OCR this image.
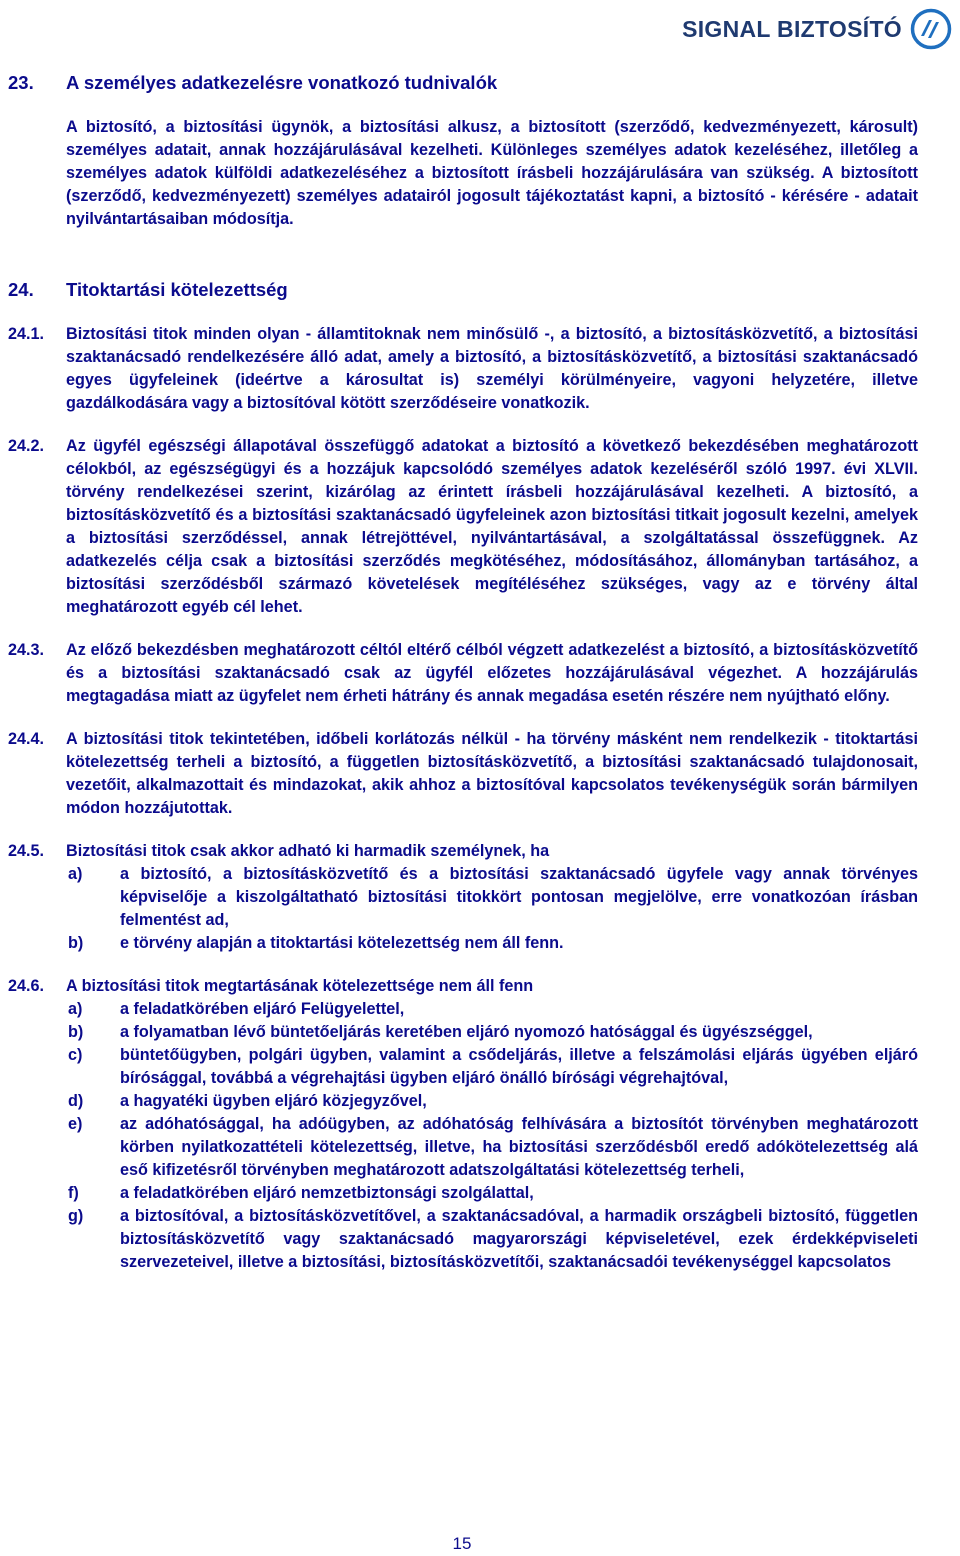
SIGNAL BIZTOSÍTÓ
23.	A személyes adatkezelésre vonatkozó tudnivalók
A biztosító, a biztosítási ügynök, a biztosítási alkusz, a biztosított (szerződő, kedvezményezett, károsult) személyes adatait, annak hozzájárulásával kezelheti. Különleges személyes adatok kezeléséhez, illetőleg a személyes adatok külföldi adatkezeléséhez a biztosított írásbeli hozzájárulására van szükség. A biztosított (szerződő, kedvezményezett) személyes adatairól jogosult tájékoztatást kapni, a biztosító - kérésére - adatait nyilvántartásaiban módosítja.
24.	Titoktartási kötelezettség
24.1.	Biztosítási titok minden olyan - államtitoknak nem minősülő -, a biztosító, a biztosításközvetítő, a biztosítási szaktanácsadó rendelkezésére álló adat, amely a biztosító, a biztosításközvetítő, a biztosítási szaktanácsadó egyes ügyfeleinek (ideértve a károsultat is) személyi körülményeire, vagyoni helyzetére, illetve gazdálkodására vagy a biztosítóval kötött szerződéseire vonatkozik.
24.2.	Az ügyfél egészségi állapotával összefüggő adatokat a biztosító a következő bekezdésében meghatározott célokból, az egészségügyi és a hozzájuk kapcsolódó személyes adatok kezeléséről szóló 1997. évi XLVII. törvény rendelkezései szerint, kizárólag az érintett írásbeli hozzájárulásával kezelheti. A biztosító, a biztosításközvetítő és a biztosítási szaktanácsadó ügyfeleinek azon biztosítási titkait jogosult kezelni, amelyek a biztosítási szerződéssel, annak létrejöttével, nyilvántartásával, a szolgáltatással összefüggnek. Az adatkezelés célja csak a biztosítási szerződés megkötéséhez, módosításához, állományban tartásához, a biztosítási szerződésből származó követelések megítéléséhez szükséges, vagy az e törvény által meghatározott egyéb cél lehet.
24.3.	Az előző bekezdésben meghatározott céltól eltérő célból végzett adatkezelést a biztosító, a biztosításközvetítő és a biztosítási szaktanácsadó csak az ügyfél előzetes hozzájárulásával végezhet. A hozzájárulás megtagadása miatt az ügyfelet nem érheti hátrány és annak megadása esetén részére nem nyújtható előny.
24.4.	A biztosítási titok tekintetében, időbeli korlátozás nélkül - ha törvény másként nem rendelkezik - titoktartási kötelezettség terheli a biztosító, a független biztosításközvetítő, a biztosítási szaktanácsadó tulajdonosait, vezetőit, alkalmazottait és mindazokat, akik ahhoz a biztosítóval kapcsolatos tevékenységük során bármilyen módon hozzájutottak.
24.5.	Biztosítási titok csak akkor adható ki harmadik személynek, ha
a)	a biztosító, a biztosításközvetítő és a biztosítási szaktanácsadó ügyfele vagy annak törvényes képviselője a kiszolgáltatható biztosítási titokkört pontosan megjelölve, erre vonatkozóan írásban felmentést ad,
b)	e törvény alapján a titoktartási kötelezettség nem áll fenn.
24.6.	A biztosítási titok megtartásának kötelezettsége nem áll fenn
a)	a feladatkörében eljáró Felügyelettel,
b)	a folyamatban lévő büntetőeljárás keretében eljáró nyomozó hatósággal és ügyészséggel,
c)	büntetőügyben, polgári ügyben, valamint a csődeljárás, illetve a felszámolási eljárás ügyében eljáró bírósággal, továbbá a végrehajtási ügyben eljáró önálló bírósági végrehajtóval,
d)	a hagyatéki ügyben eljáró közjegyzővel,
e)	az adóhatósággal, ha adóügyben, az adóhatóság felhívására a biztosítót törvényben meghatározott körben nyilatkozattételi kötelezettség, illetve, ha biztosítási szerződésből eredő adókötelezettség alá eső kifizetésről törvényben meghatározott adatszolgáltatási kötelezettség terheli,
f)	a feladatkörében eljáró nemzetbiztonsági szolgálattal,
g)	a biztosítóval, a biztosításközvetítővel, a szaktanácsadóval, a harmadik országbeli biztosító, független biztosításközvetítő vagy szaktanácsadó magyarországi képviseletével, ezek érdekképviseleti szervezeteivel, illetve a biztosítási, biztosításközvetítői, szaktanácsadói tevékenységgel kapcsolatos
15
